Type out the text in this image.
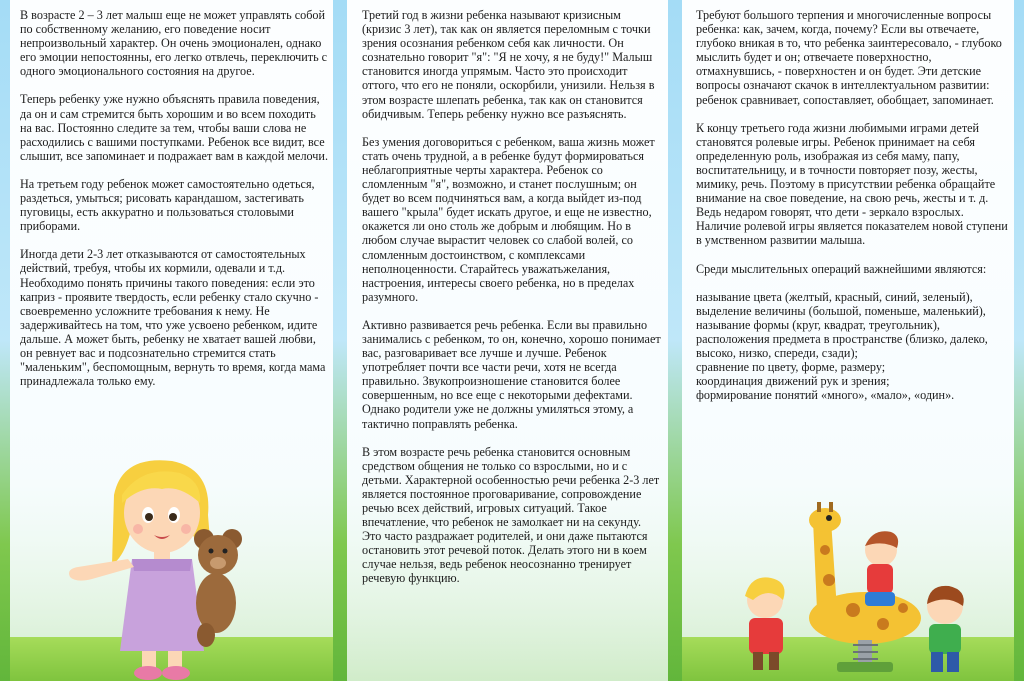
В возрасте 2 – 3 лет малыш еще не может управлять собой по собственному желанию, его поведение носит непроизвольный характер. Он очень эмоционален, однако его эмоции непостоянны, его легко отвлечь, переключить с одного эмоционального состояния на другое.

Теперь ребенку уже нужно объяснять правила поведения, да он и сам стремится быть хорошим и во всем походить на вас. Постоянно следите за тем, чтобы ваши слова не расходились с вашими поступками. Ребенок все видит, все слышит, все запоминает и подражает вам в каждой мелочи.

На третьем году ребенок может самостоятельно одеться, раздеться, умыться; рисовать карандашом, застегивать пуговицы, есть аккуратно и пользоваться столовыми приборами.

Иногда дети 2-3 лет отказываются от самостоятельных действий, требуя, чтобы их кормили, одевали и т.д. Необходимо понять причины такого поведения: если это каприз - проявите твердость, если ребенку стало скучно - своевременно усложните требования к нему. Не задерживайтесь на том, что уже усвоено ребенком, идите дальше. А может быть, ребенку не хватает вашей любви, он ревнует вас и подсознательно стремится стать "маленьким", беспомощным, вернуть то время, когда мама принадлежала только ему.

Третий год в жизни ребенка называют кризисным (кризис 3 лет), так как он является переломным с точки зрения осознания ребенком себя как личности. Он сознательно говорит "я": "Я не хочу, я не буду!" Малыш становится иногда упрямым. Часто это происходит оттого, что его не поняли, оскорбили, унизили. Нельзя в этом возрасте шлепать ребенка, так как он становится обидчивым. Теперь ребенку нужно все разъяснять.

Без умения договориться с ребенком, ваша жизнь может стать очень трудной, а в ребенке будут формироваться неблагоприятные черты характера. Ребенок со сломленным "я", возможно, и станет послушным; он будет во всем подчиняться вам, а когда выйдет из-под вашего "крыла" будет искать другое, и еще не известно, окажется ли оно столь же добрым и любящим. Но в любом случае вырастит человек со слабой волей, со сломленным достоинством, с комплексами неполноценности. Старайтесь уважатьжелания, настроения, интересы своего ребенка, но в пределах разумного.

Активно развивается речь ребенка. Если вы правильно занимались с ребенком, то он, конечно, хорошо понимает вас, разговаривает все лучше и лучше. Ребенок употребляет почти все части речи, хотя не всегда правильно. Звукопроизношение становится более совершенным, но все еще с некоторыми дефектами. Однако родители уже не должны умиляться этому, а тактично поправлять ребенка.

В этом возрасте речь ребенка становится основным средством общения не только со взрослыми, но и с детьми. Характерной особенностью речи ребенка 2-3 лет является постоянное проговаривание, сопровождение речью всех действий, игровых ситуаций. Такое впечатление, что ребенок не замолкает ни на секунду. Это часто раздражает родителей, и они даже пытаются остановить этот речевой поток. Делать этого ни в коем случае нельзя, ведь ребенок неосознанно тренирует речевую функцию.

Требуют большого терпения и многочисленные вопросы ребенка: как, зачем, когда, почему? Если вы отвечаете, глубоко вникая в то, что ребенка заинтересовало, - глубоко мыслить будет и он; отвечаете поверхностно, отмахнувшись, - поверхностен и он будет. Эти детские вопросы означают скачок в интеллектуальном развитии: ребенок сравнивает, сопоставляет, обобщает, запоминает.

К концу третьего года жизни любимыми играми детей становятся ролевые игры. Ребенок принимает на себя определенную роль, изображая из себя маму, папу, воспитательницу, и в точности повторяет позу, жесты, мимику, речь. Поэтому в присутствии ребенка обращайте внимание на свое поведение, на свою речь, жесты и т. д. Ведь недаром говорят, что дети - зеркало взрослых. Наличие ролевой игры является показателем новой ступени в умственном развитии малыша.

Среди мыслительных операций важнейшими являются:

называние цвета (желтый, красный, синий, зеленый),
выделение величины (большой, поменьше, маленький),
называние формы (круг, квадрат, треугольник), расположения предмета в пространстве (близко, далеко, высоко, низко, спереди, сзади);
сравнение по цвету, форме, размеру;
координация движений рук и зрения;
формирование понятий «много», «мало», «один».
